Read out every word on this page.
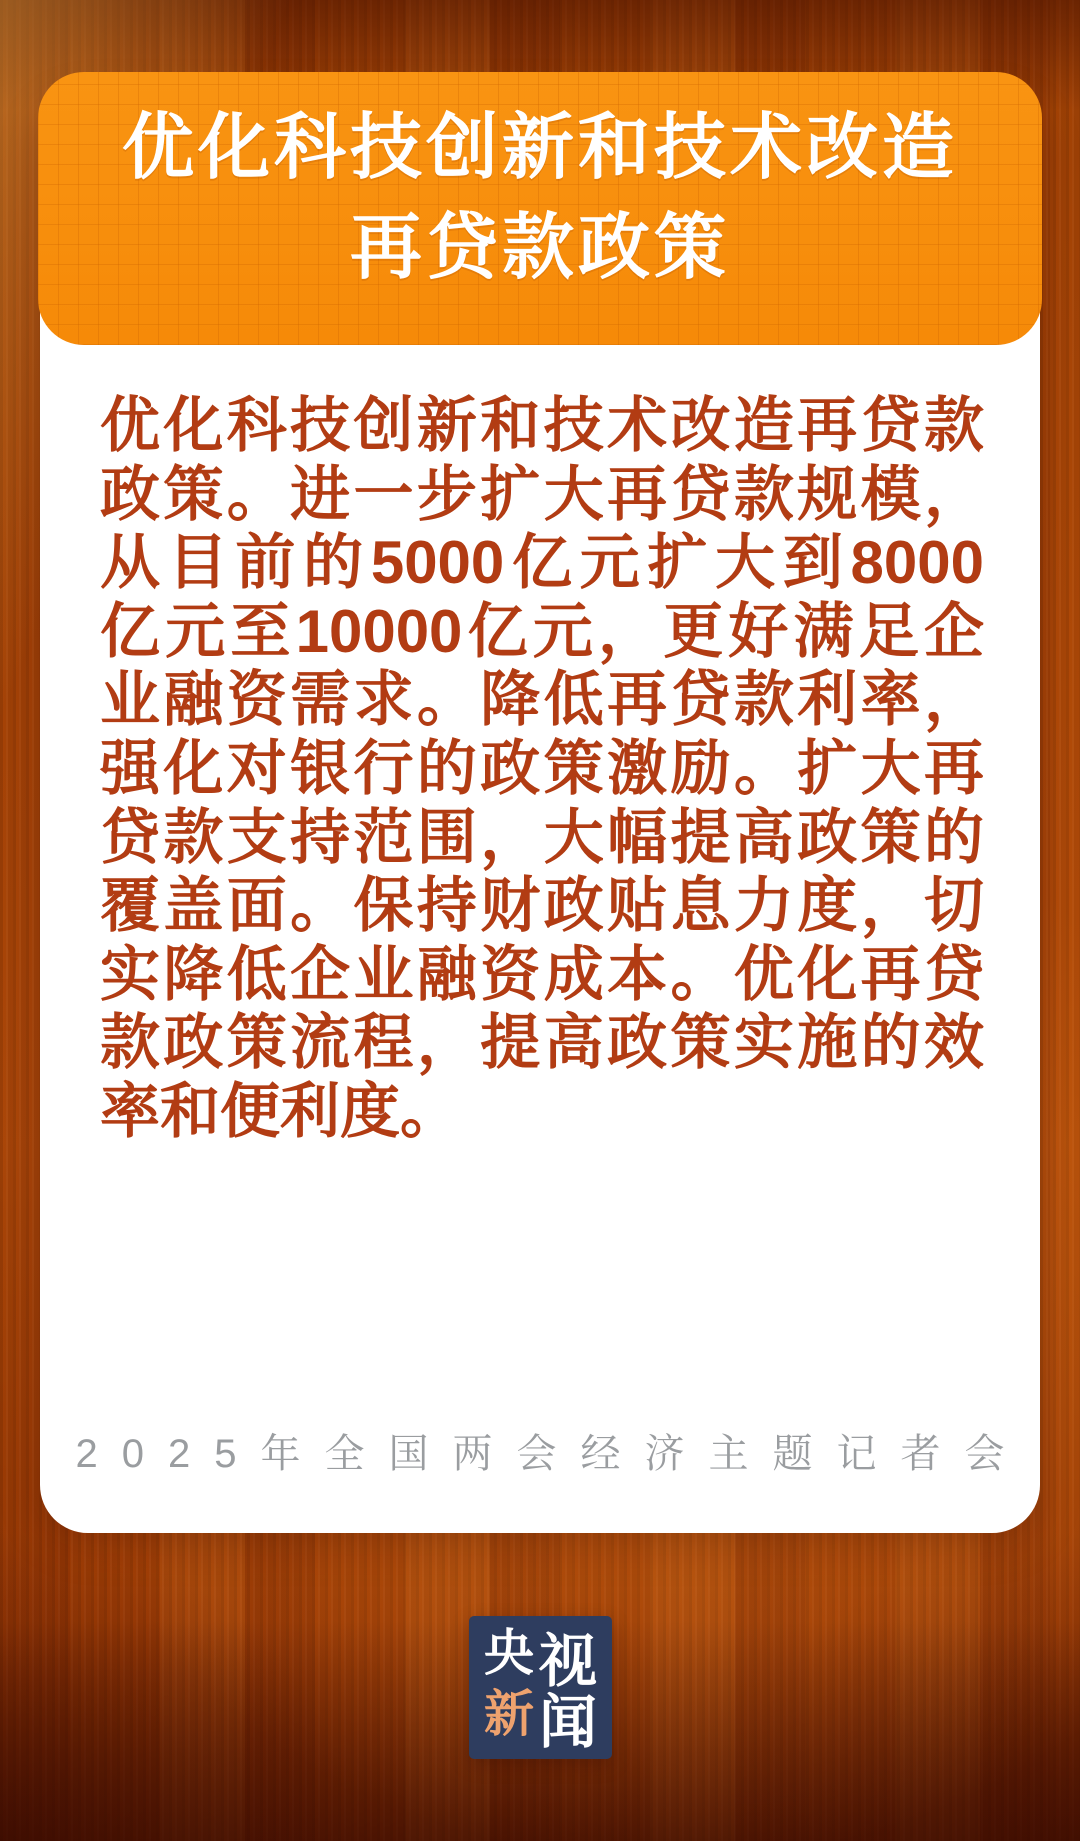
优化科技创新和技术改造
再贷款政策
优化科技创新和技术改造再贷款
政策。进一步扩大再贷款规模，
从目前的5000亿元扩大到8000
亿元至10000亿元，更好满足企
业融资需求。降低再贷款利率，
强化对银行的政策激励。扩大再
贷款支持范围，大幅提高政策的
覆盖面。保持财政贴息力度，切
实降低企业融资成本。优化再贷
款政策流程，提高政策实施的效
率和便利度。
2025年全国两会经济主题记者会
央 视
新 闻
